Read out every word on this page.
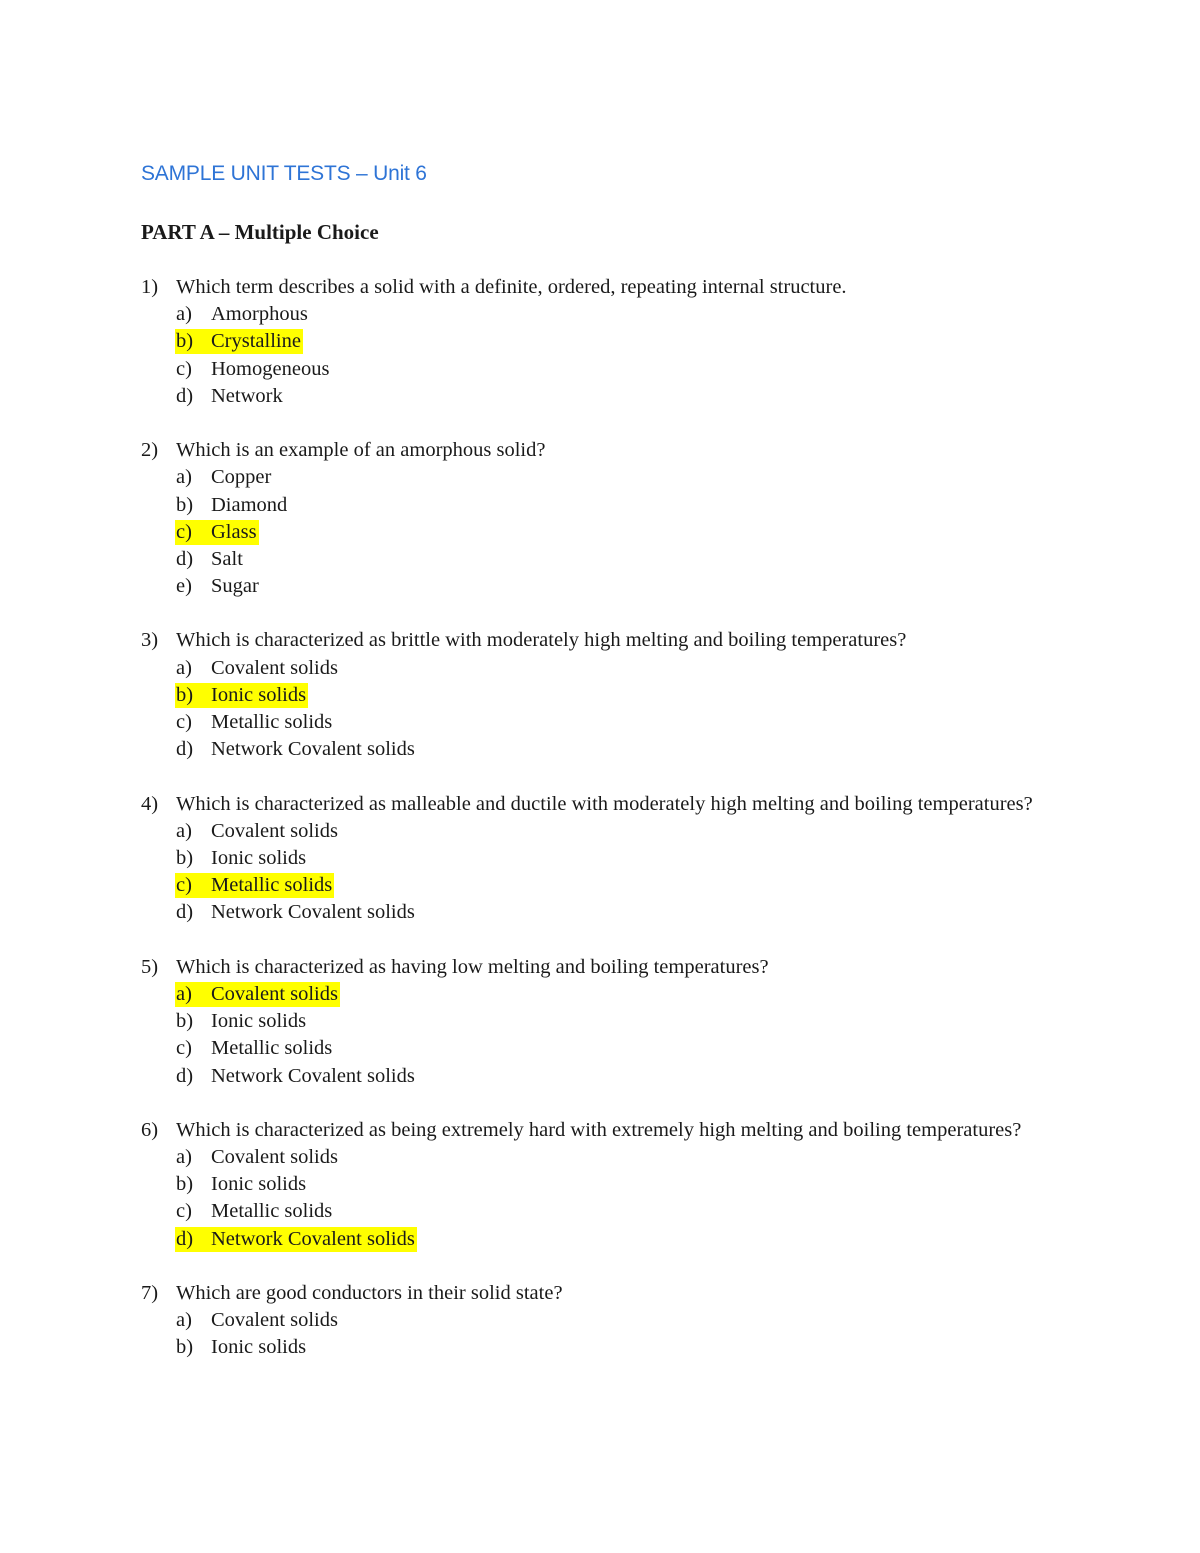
SAMPLE UNIT TESTS – Unit 6
PART A – Multiple Choice
1) Which term describes a solid with a definite, ordered, repeating internal structure.
a) Amorphous
b) Crystalline
c) Homogeneous
d) Network
2) Which is an example of an amorphous solid?
a) Copper
b) Diamond
c) Glass
d) Salt
e) Sugar
3) Which is characterized as brittle with moderately high melting and boiling temperatures?
a) Covalent solids
b) Ionic solids
c) Metallic solids
d) Network Covalent solids
4) Which is characterized as malleable and ductile with moderately high melting and boiling temperatures?
a) Covalent solids
b) Ionic solids
c) Metallic solids
d) Network Covalent solids
5) Which is characterized as having low melting and boiling temperatures?
a) Covalent solids
b) Ionic solids
c) Metallic solids
d) Network Covalent solids
6) Which is characterized as being extremely hard with extremely high melting and boiling temperatures?
a) Covalent solids
b) Ionic solids
c) Metallic solids
d) Network Covalent solids
7) Which are good conductors in their solid state?
a) Covalent solids
b) Ionic solids
